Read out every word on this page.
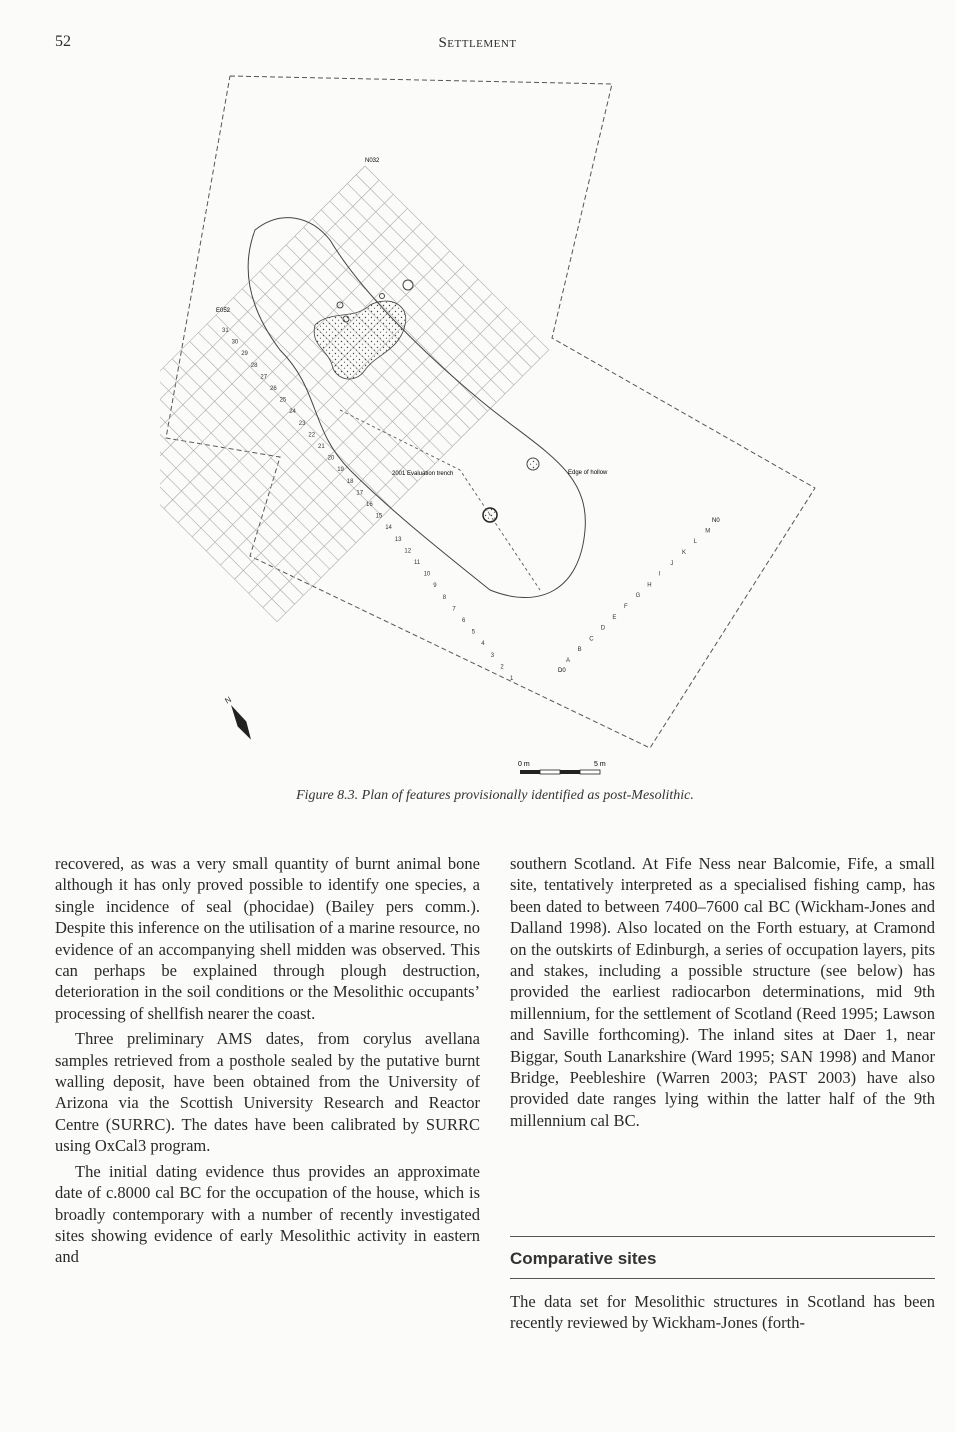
52	Settlement
N032
E052
N0
D0
2001 Evaluation trench	Edge of hollow
31
30
29
28
27
26
25
24
23
22
21
20
19
18
17
16
15
14
13
12
11
10
9
8
7
6
5
4
3
2
1
A
B
C
D
E
F
G
H
I
J
K
L
M
N
0 m	5 m
Figure 8.3. Plan of features provisionally identified as post-Mesolithic.

recovered, as was a very small quantity of burnt animal bone although it has only proved possible to identify one species, a single incidence of seal (phocidae) (Bailey pers comm.). Despite this inference on the utilisation of a marine resource, no evidence of an accompanying shell midden was observed. This can perhaps be explained through plough destruction, deterioration in the soil conditions or the Mesolithic occupants’ processing of shellfish nearer the coast.

Three preliminary AMS dates, from corylus avellana samples retrieved from a posthole sealed by the putative burnt walling deposit, have been obtained from the University of Arizona via the Scottish University Research and Reactor Centre (SURRC). The dates have been calibrated by SURRC using OxCal3 program.

The initial dating evidence thus provides an approximate date of c.8000 cal BC for the occupation of the house, which is broadly contemporary with a number of recently investigated sites showing evidence of early Mesolithic activity in eastern and

southern Scotland. At Fife Ness near Balcomie, Fife, a small site, tentatively interpreted as a specialised fishing camp, has been dated to between 7400–7600 cal BC (Wickham-Jones and Dalland 1998). Also located on the Forth estuary, at Cramond on the outskirts of Edinburgh, a series of occupation layers, pits and stakes, including a possible structure (see below) has provided the earliest radiocarbon determinations, mid 9th millennium, for the settlement of Scotland (Reed 1995; Lawson and Saville forthcoming). The inland sites at Daer 1, near Biggar, South Lanarkshire (Ward 1995; SAN 1998) and Manor Bridge, Peebleshire (Warren 2003; PAST 2003) have also provided date ranges lying within the latter half of the 9th millennium cal BC.

Comparative sites

The data set for Mesolithic structures in Scotland has been recently reviewed by Wickham-Jones (forth-
